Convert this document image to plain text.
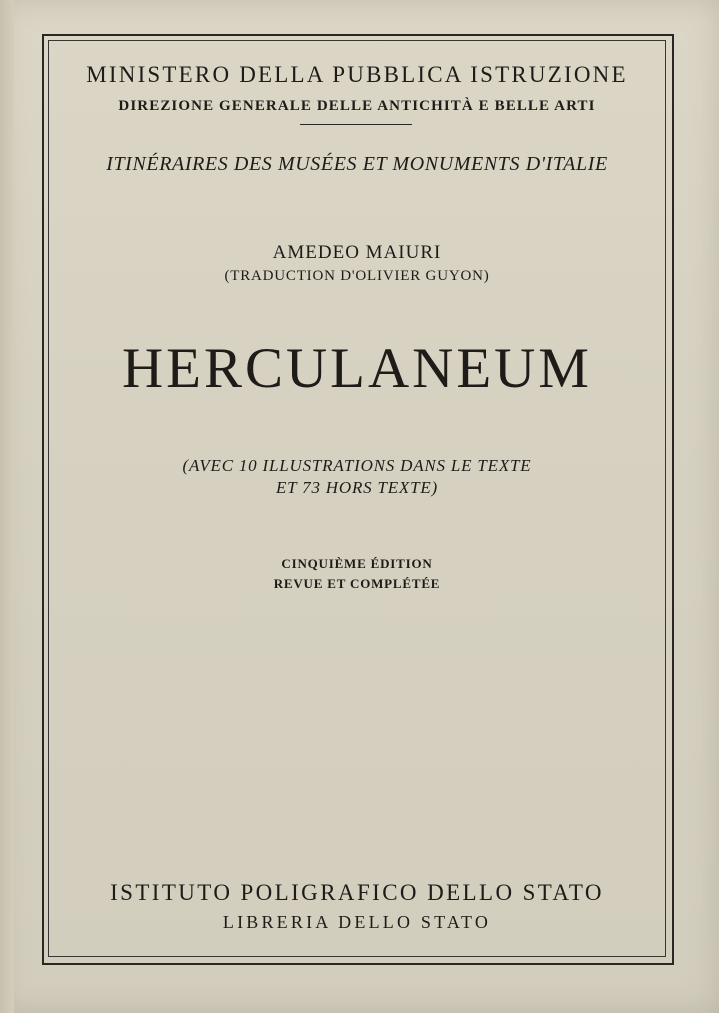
MINISTERO DELLA PUBBLICA ISTRUZIONE
DIREZIONE GENERALE DELLE ANTICHITÀ E BELLE ARTI
ITINÉRAIRES DES MUSÉES ET MONUMENTS D'ITALIE
AMEDEO MAIURI
(TRADUCTION D'OLIVIER GUYON)
HERCULANEUM
(AVEC 10 ILLUSTRATIONS DANS LE TEXTE
ET 73 HORS TEXTE)
CINQUIÈME ÉDITION
REVUE ET COMPLÉTÉE
ISTITUTO POLIGRAFICO DELLO STATO
LIBRERIA DELLO STATO
